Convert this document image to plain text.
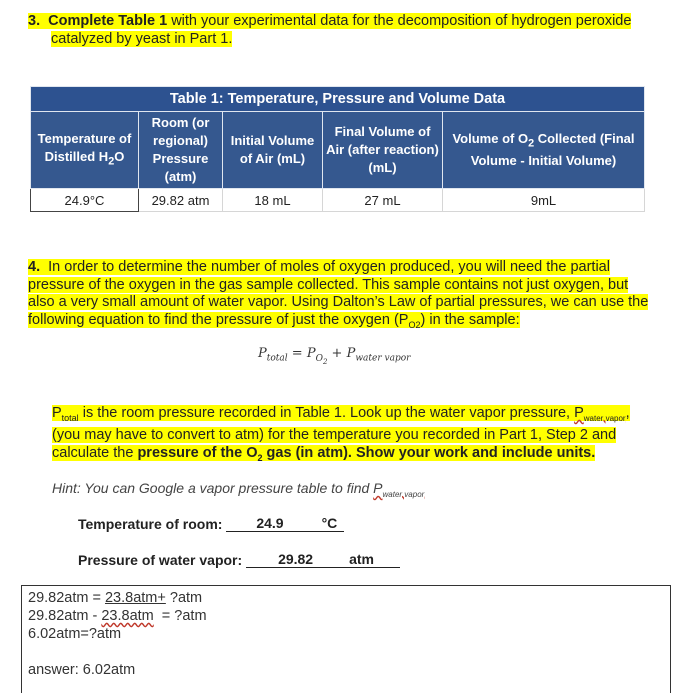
3. Complete Table 1 with your experimental data for the decomposition of hydrogen peroxide
catalyzed by yeast in Part 1.
Table 1: Temperature, Pressure and Volume Data				
Temperature of Distilled $H_2O$	Room (or regional) Pressure (atm)	Initial Volume of Air (mL)	Final Volume of Air (after reaction) (mL)	Volume of $O_2$ Collected (Final Volume - Initial Volume)
24.9°C	29.82 atm	18 mL	27 mL	9mL
4. In order to determine the number of moles of oxygen produced, you will need the partial pressure of the oxygen in the gas sample collected. This sample contains not just oxygen, but also a very small amount of water vapor. Using Dalton’s Law of partial pressures, we can use the following equation to find the pressure of just the oxygen $(P_{O2})$ in the sample:
$P_{total} = P_{O_2} + P_{water vapor}$
$P_{total}$ is the room pressure recorded in Table 1. Look up the water vapor pressure, $P_{water vapor}$, (you may have to convert to atm) for the temperature you recorded in Part 1, Step 2 and calculate the pressure of the $O_2$ gas (in atm). Show your work and include units.
Hint: You can Google a vapor pressure table to find $P_{water vapor}$
Temperature of room: 24.9	°C
Pressure of water vapor:	29.82	atm
29.82atm = 23.8atm+ ?atm
29.82atm - 23.8atm  = ?atm
6.02atm=?atm
answer: 6.02atm
